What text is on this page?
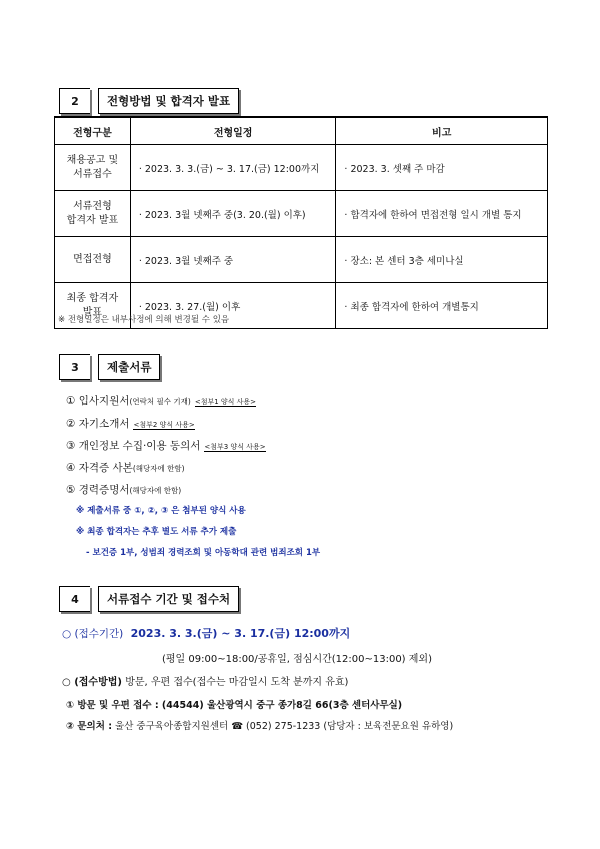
2	전형방법 및 합격자 발표
전형구분	전형일정	비고
채용공고 및
서류접수	· 2023. 3. 3.(금) ~ 3. 17.(금) 12:00까지	· 2023. 3. 셋째 주 마감
서류전형
합격자 발표	· 2023. 3월 넷째주 중(3. 20.(월) 이후)	· 합격자에 한하여 면접전형 일시 개별 통지
면접전형	· 2023. 3월 넷째주 중	· 장소: 본 센터 3층 세미나실
최종 합격자
발표	· 2023. 3. 27.(월) 이후	· 최종 합격자에 한하여 개별통지
※ 전형일정은 내부사정에 의해 변경될 수 있음
3	제출서류
① 입사지원서(연락처 필수 기재) <첨부1 양식 사용>
② 자기소개서 <첨부2 양식 사용>
③ 개인정보 수집·이용 동의서 <첨부3 양식 사용>
④ 자격증 사본(해당자에 한함)
⑤ 경력증명서(해당자에 한함)
※ 제출서류 중 ①, ②, ③ 은 첨부된 양식 사용
※ 최종 합격자는 추후 별도 서류 추가 제출
- 보건증 1부, 성범죄 경력조회 및 아동학대 관련 범죄조회 1부
4	서류접수 기간 및 접수처
○ (접수기간) 2023. 3. 3.(금) ~ 3. 17.(금) 12:00까지
(평일 09:00~18:00/공휴일, 점심시간(12:00~13:00) 제외)
○ (접수방법) 방문, 우편 접수(접수는 마감일시 도착 분까지 유효)
① 방문 및 우편 접수 : (44544) 울산광역시 중구 종가8길 66(3층 센터사무실)
② 문의처 : 울산 중구육아종합지원센터 ☎ (052) 275-1233 (담당자 : 보육전문요원 유하영)
